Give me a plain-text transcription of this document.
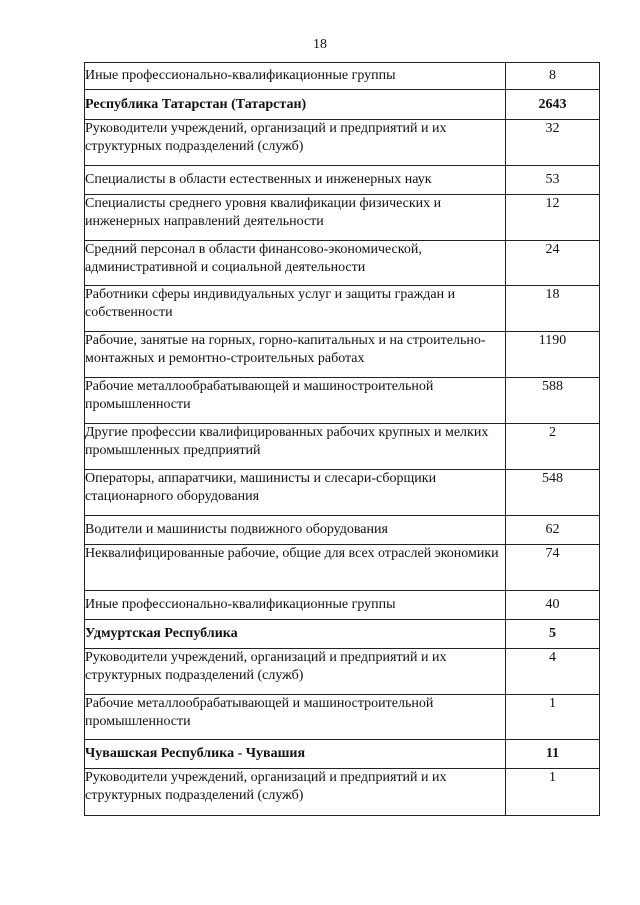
18
Иные профессионально-квалификационные группы	8
Республика Татарстан (Татарстан)	2643
Руководители учреждений, организаций и предприятий и их структурных подразделений (служб)	32
Специалисты в области естественных и инженерных наук	53
Специалисты среднего уровня квалификации физических и инженерных направлений деятельности	12
Средний персонал в области финансово-экономической, административной и социальной деятельности	24
Работники сферы индивидуальных услуг и защиты граждан и собственности	18
Рабочие, занятые на горных, горно-капитальных и на строительно-монтажных и ремонтно-строительных работах	1190
Рабочие металлообрабатывающей и машиностроительной промышленности	588
Другие профессии квалифицированных рабочих крупных и мелких промышленных предприятий	2
Операторы, аппаратчики, машинисты и слесари-сборщики стационарного оборудования	548
Водители и машинисты подвижного оборудования	62
Неквалифицированные рабочие, общие для всех отраслей экономики	74
Иные профессионально-квалификационные группы	40
Удмуртская Республика	5
Руководители учреждений, организаций и предприятий и их структурных подразделений (служб)	4
Рабочие металлообрабатывающей и машиностроительной промышленности	1
Чувашская Республика - Чувашия	11
Руководители учреждений, организаций и предприятий и их структурных подразделений (служб)	1
